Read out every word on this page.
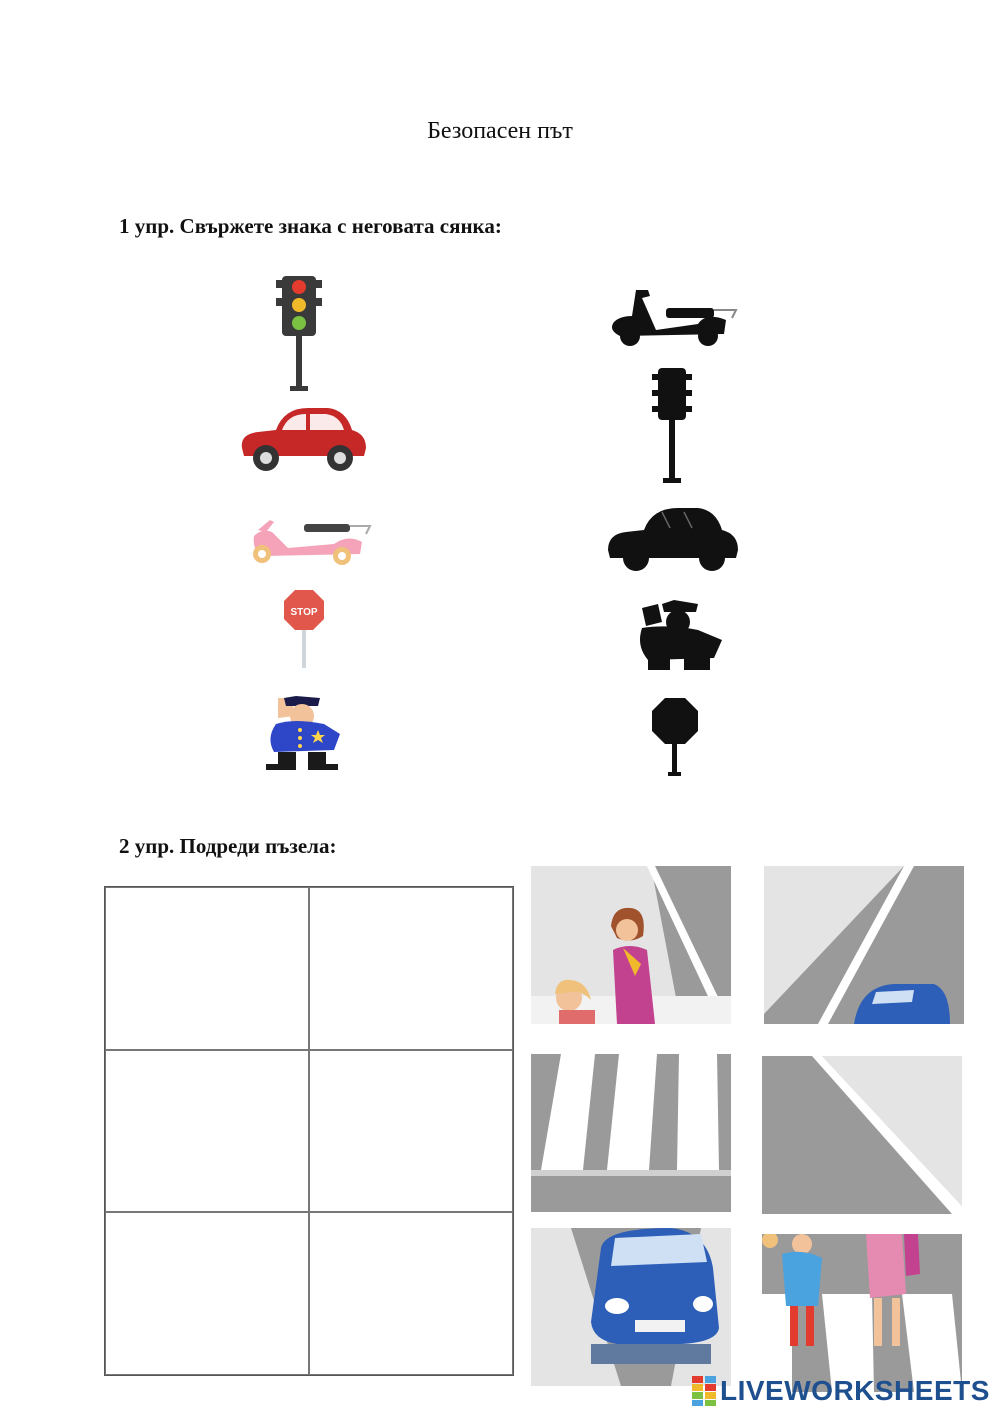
Безопасен път
1 упр. Свържете знака с неговата сянка:
STOP
2 упр. Подреди пъзела:
LIVEWORKSHEETS
